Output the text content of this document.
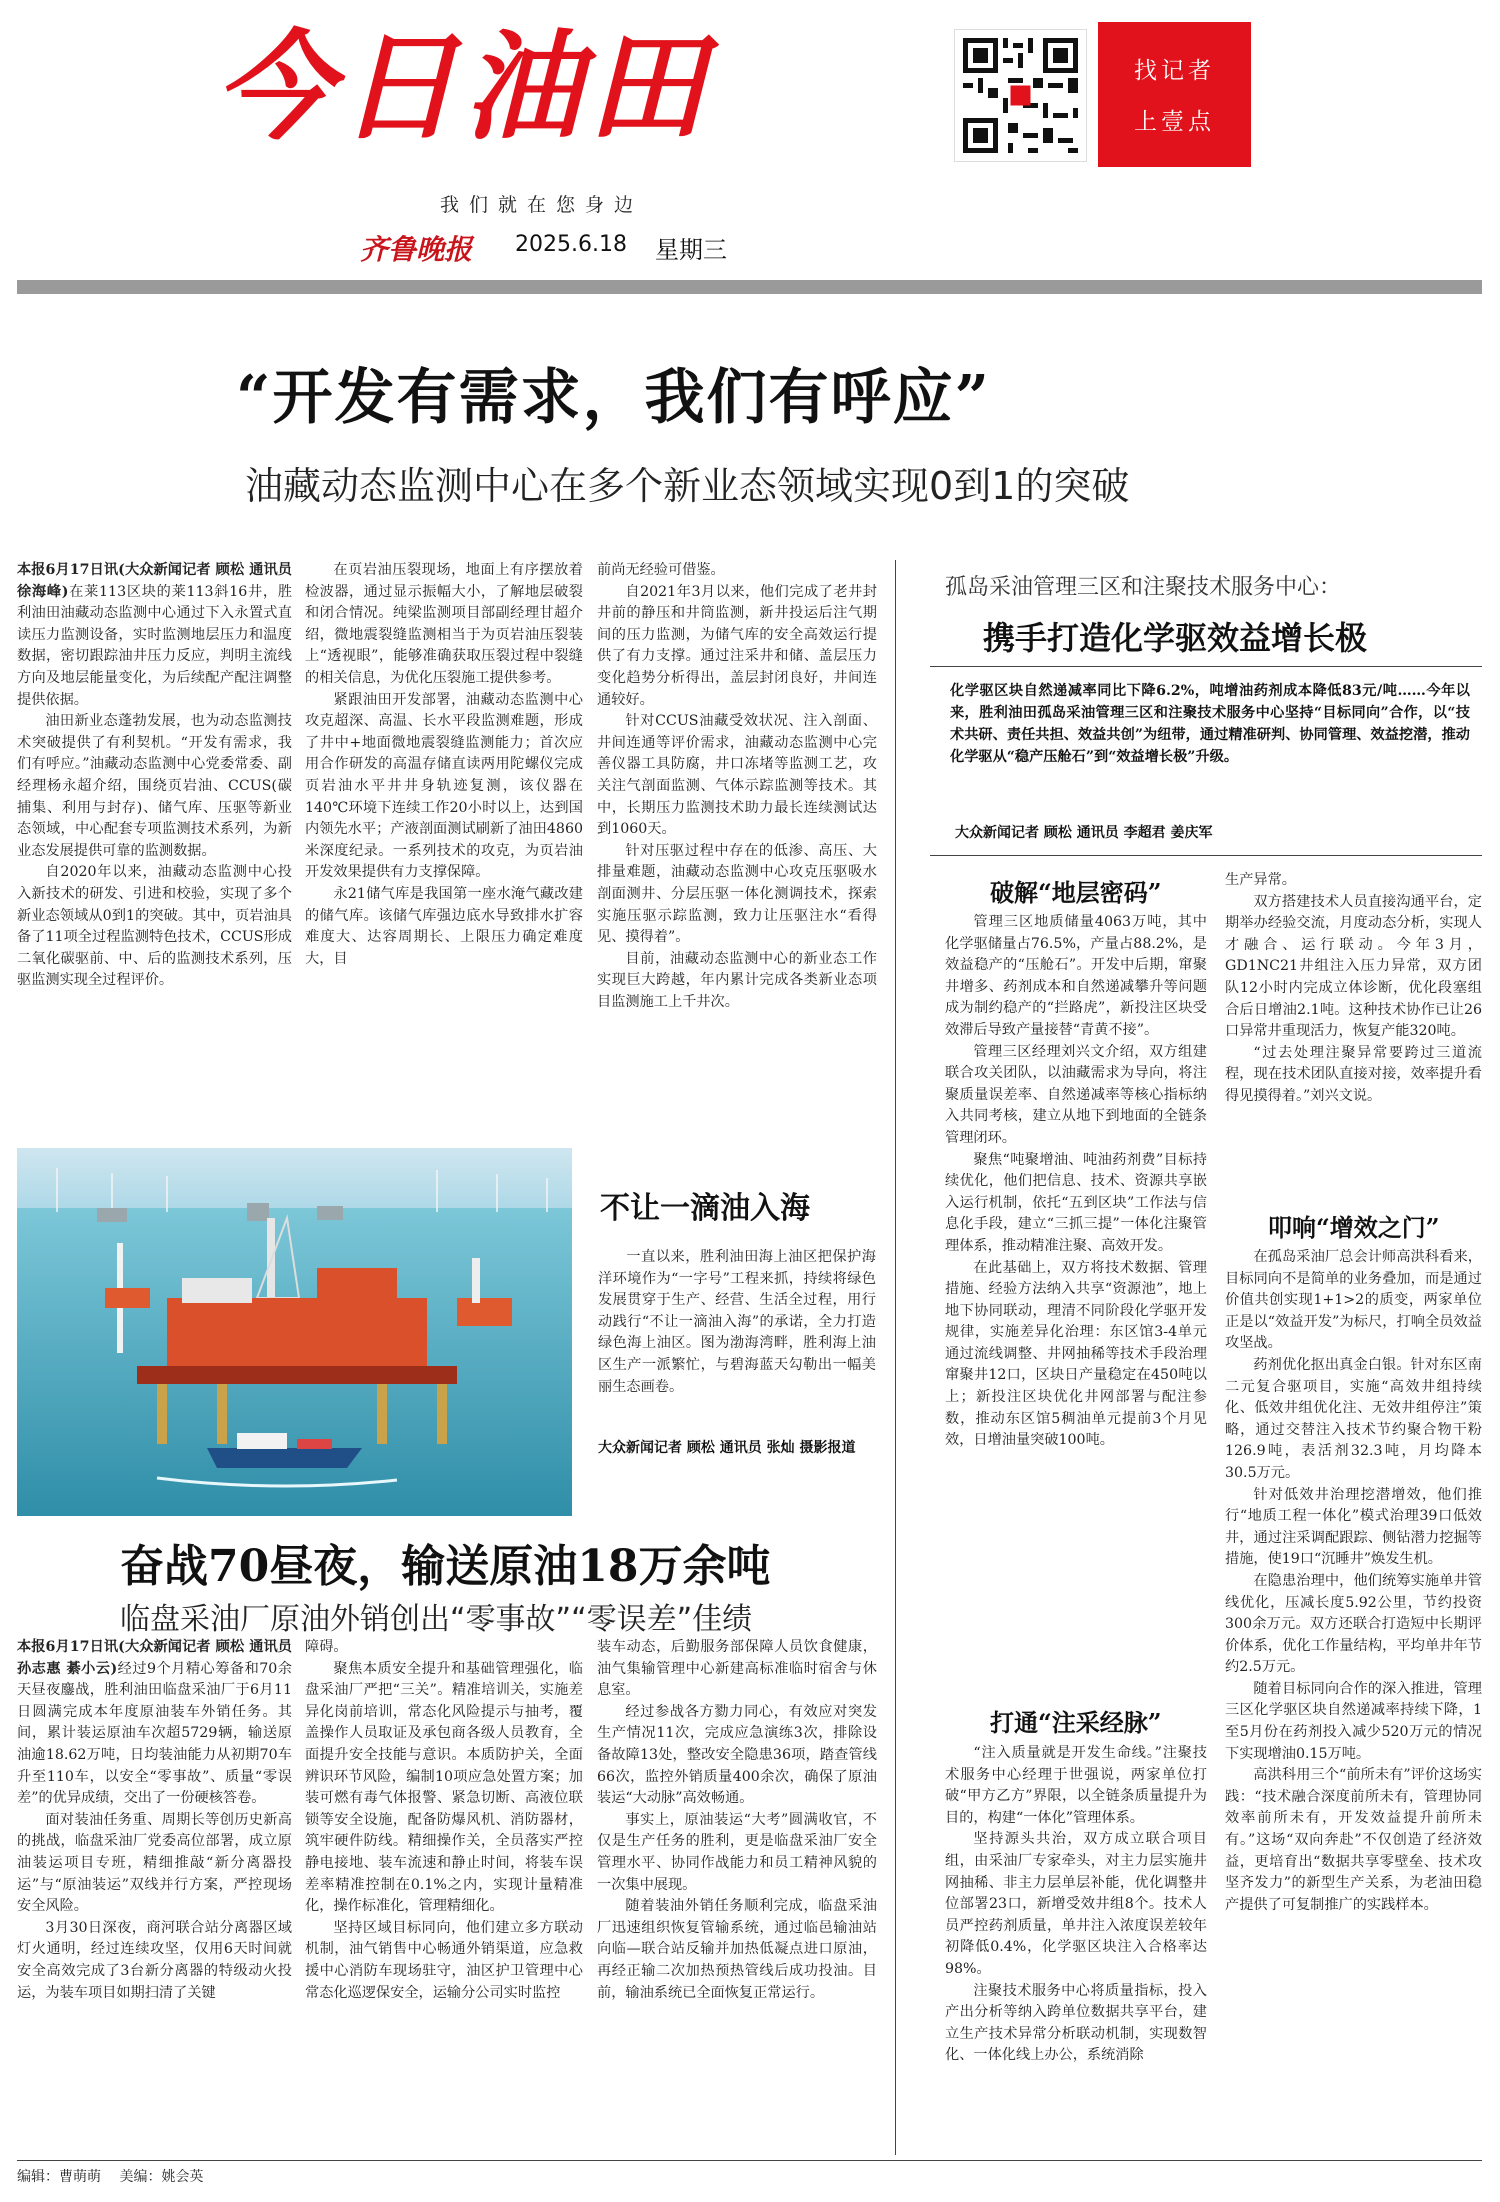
今日油田
我们就在您身边
齐鲁晚报 2025.6.18 星期三
找记者
上壹点
“开发有需求，我们有呼应”
油藏动态监测中心在多个新业态领域实现0到1的突破

本报6月17日讯(大众新闻记者 顾松 通讯员 徐海峰)在莱113区块的莱113斜16井，胜利油田油藏动态监测中心通过下入永置式直读压力监测设备，实时监测地层压力和温度数据，密切跟踪油井压力反应，判明主流线方向及地层能量变化，为后续配产配注调整提供依据。

油田新业态蓬勃发展，也为动态监测技术突破提供了有利契机。“开发有需求，我们有呼应。”油藏动态监测中心党委常委、副经理杨永超介绍，围绕页岩油、CCUS(碳捕集、利用与封存)、储气库、压驱等新业态领域，中心配套专项监测技术系列，为新业态发展提供可靠的监测数据。

自2020年以来，油藏动态监测中心投入新技术的研发、引进和校验，实现了多个新业态领域从0到1的突破。其中，页岩油具备了11项全过程监测特色技术，CCUS形成二氧化碳驱前、中、后的监测技术系列，压驱监测实现全过程评价。

在页岩油压裂现场，地面上有序摆放着检波器，通过显示振幅大小，了解地层破裂和闭合情况。纯梁监测项目部副经理甘超介绍，微地震裂缝监测相当于为页岩油压裂装上“透视眼”，能够准确获取压裂过程中裂缝的相关信息，为优化压裂施工提供参考。

紧跟油田开发部署，油藏动态监测中心攻克超深、高温、长水平段监测难题，形成了井中+地面微地震裂缝监测能力；首次应用合作研发的高温存储直读两用陀螺仪完成页岩油水平井井身轨迹复测，该仪器在140℃环境下连续工作20小时以上，达到国内领先水平；产液剖面测试刷新了油田4860米深度纪录。一系列技术的攻克，为页岩油开发效果提供有力支撑保障。

永21储气库是我国第一座水淹气藏改建的储气库。该储气库强边底水导致排水扩容难度大、达容周期长、上限压力确定难度大，目

前尚无经验可借鉴。

自2021年3月以来，他们完成了老井封井前的静压和井筒监测，新井投运后注气期间的压力监测，为储气库的安全高效运行提供了有力支撑。通过注采井和储、盖层压力变化趋势分析得出，盖层封闭良好，井间连通较好。

针对CCUS油藏受效状况、注入剖面、井间连通等评价需求，油藏动态监测中心完善仪器工具防腐，井口冻堵等监测工艺，攻关注气剖面监测、气体示踪监测等技术。其中，长期压力监测技术助力最长连续测试达到1060天。

针对压驱过程中存在的低渗、高压、大排量难题，油藏动态监测中心攻克压驱吸水剖面测井、分层压驱一体化测调技术，探索实施压驱示踪监测，致力让压驱注水“看得见、摸得着”。

目前，油藏动态监测中心的新业态工作实现巨大跨越，年内累计完成各类新业态项目监测施工上千井次。

不让一滴油入海

一直以来，胜利油田海上油区把保护海洋环境作为“一字号”工程来抓，持续将绿色发展贯穿于生产、经营、生活全过程，用行动践行“不让一滴油入海”的承诺，全力打造绿色海上油区。图为渤海湾畔，胜利海上油区生产一派繁忙，与碧海蓝天勾勒出一幅美丽生态画卷。

大众新闻记者 顾松 通讯员 张灿 摄影报道
奋战70昼夜，输送原油18万余吨
临盘采油厂原油外销创出“零事故”“零误差”佳绩

本报6月17日讯(大众新闻记者 顾松 通讯员 孙志惠 綦小云)经过9个月精心筹备和70余天昼夜鏖战，胜利油田临盘采油厂于6月11日圆满完成本年度原油装车外销任务。其间，累计装运原油车次超5729辆，输送原油逾18.62万吨，日均装油能力从初期70车升至110车，以安全“零事故”、质量“零误差”的优异成绩，交出了一份硬核答卷。

面对装油任务重、周期长等创历史新高的挑战，临盘采油厂党委高位部署，成立原油装运项目专班，精细推敲“新分离器投运”与“原油装运”双线并行方案，严控现场安全风险。

3月30日深夜，商河联合站分离器区域灯火通明，经过连续攻坚，仅用6天时间就安全高效完成了3台新分离器的特级动火投运，为装车项目如期扫清了关键

障碍。

聚焦本质安全提升和基础管理强化，临盘采油厂严把“三关”。精准培训关，实施差异化岗前培训，常态化风险提示与抽考，覆盖操作人员取证及承包商各级人员教育，全面提升安全技能与意识。本质防护关，全面辨识环节风险，编制10项应急处置方案；加装可燃有毒气体报警、紧急切断、高液位联锁等安全设施，配备防爆风机、消防器材，筑牢硬件防线。精细操作关，全员落实严控静电接地、装车流速和静止时间，将装车误差率精准控制在0.1%之内，实现计量精准化，操作标准化，管理精细化。

坚持区域目标同向，他们建立多方联动机制，油气销售中心畅通外销渠道，应急救援中心消防车现场驻守，油区护卫管理中心常态化巡逻保安全，运输分公司实时监控

装车动态，后勤服务部保障人员饮食健康，油气集输管理中心新建高标准临时宿舍与休息室。

经过参战各方勠力同心，有效应对突发生产情况11次，完成应急演练3次，排除设备故障13处，整改安全隐患36项，踏查管线66次，监控外销质量400余次，确保了原油装运“大动脉”高效畅通。

事实上，原油装运“大考”圆满收官，不仅是生产任务的胜利，更是临盘采油厂安全管理水平、协同作战能力和员工精神风貌的一次集中展现。

随着装油外销任务顺利完成，临盘采油厂迅速组织恢复管输系统，通过临邑输油站向临—联合站反输并加热低凝点进口原油，再经正输二次加热预热管线后成功投油。目前，输油系统已全面恢复正常运行。

孤岛采油管理三区和注聚技术服务中心：
携手打造化学驱效益增长极
化学驱区块自然递减率同比下降6.2%，吨增油药剂成本降低83元/吨……今年以来，胜利油田孤岛采油管理三区和注聚技术服务中心坚持“目标同向”合作，以“技术共研、责任共担、效益共创”为纽带，通过精准研判、协同管理、效益挖潜，推动化学驱从“稳产压舱石”到“效益增长极”升级。
大众新闻记者 顾松 通讯员 李超君 姜庆军
破解“地层密码”

管理三区地质储量4063万吨，其中化学驱储量占76.5%，产量占88.2%，是效益稳产的“压舱石”。开发中后期，窜聚井增多、药剂成本和自然递减攀升等问题成为制约稳产的“拦路虎”，新投注区块受效滞后导致产量接替“青黄不接”。

管理三区经理刘兴文介绍，双方组建联合攻关团队，以油藏需求为导向，将注聚质量误差率、自然递减率等核心指标纳入共同考核，建立从地下到地面的全链条管理闭环。

聚焦“吨聚增油、吨油药剂费”目标持续优化，他们把信息、技术、资源共享嵌入运行机制，依托“五到区块”工作法与信息化手段，建立“三抓三提”一体化注聚管理体系，推动精准注聚、高效开发。

在此基础上，双方将技术数据、管理措施、经验方法纳入共享“资源池”，地上地下协同联动，理清不同阶段化学驱开发规律，实施差异化治理：东区馆3-4单元通过流线调整、井网抽稀等技术手段治理窜聚井12口，区块日产量稳定在450吨以上；新投注区块优化井网部署与配注参数，推动东区馆5稠油单元提前3个月见效，日增油量突破100吨。

打通“注采经脉”

“注入质量就是开发生命线。”注聚技术服务中心经理于世强说，两家单位打破“甲方乙方”界限，以全链条质量提升为目的，构建“一体化”管理体系。

坚持源头共治，双方成立联合项目组，由采油厂专家牵头，对主力层实施井网抽稀、非主力层单层补能，优化调整井位部署23口，新增受效井组8个。技术人员严控药剂质量，单井注入浓度误差较年初降低0.4%，化学驱区块注入合格率达98%。

注聚技术服务中心将质量指标，投入产出分析等纳入跨单位数据共享平台，建立生产技术异常分析联动机制，实现数智化、一体化线上办公，系统消除

生产异常。

双方搭建技术人员直接沟通平台，定期举办经验交流，月度动态分析，实现人才融合、运行联动。今年3月，GD1NC21井组注入压力异常，双方团队12小时内完成立体诊断，优化段塞组合后日增油2.1吨。这种技术协作已让26口异常井重现活力，恢复产能320吨。

“过去处理注聚异常要跨过三道流程，现在技术团队直接对接，效率提升看得见摸得着。”刘兴文说。

叩响“增效之门”

在孤岛采油厂总会计师高洪科看来，目标同向不是简单的业务叠加，而是通过价值共创实现1+1>2的质变，两家单位正是以“效益开发”为标尺，打响全员效益攻坚战。

药剂优化抠出真金白银。针对东区南二元复合驱项目，实施“高效井组持续化、低效井组优化注、无效井组停注”策略，通过交替注入技术节约聚合物干粉126.9吨，表活剂32.3吨，月均降本30.5万元。

针对低效井治理挖潜增效，他们推行“地质工程一体化”模式治理39口低效井，通过注采调配跟踪、侧钻潜力挖掘等措施，使19口“沉睡井”焕发生机。

在隐患治理中，他们统筹实施单井管线优化，压减长度5.92公里，节约投资300余万元。双方还联合打造短中长期评价体系，优化工作量结构，平均单井年节约2.5万元。

随着目标同向合作的深入推进，管理三区化学驱区块自然递减率持续下降，1至5月份在药剂投入减少520万元的情况下实现增油0.15万吨。

高洪科用三个“前所未有”评价这场实践：“技术融合深度前所未有，管理协同效率前所未有，开发效益提升前所未有。”这场“双向奔赴”不仅创造了经济效益，更培育出“数据共享零壁垒、技术攻坚齐发力”的新型生产关系，为老油田稳产提供了可复制推广的实践样本。

编辑：曹萌萌 美编：姚会英
